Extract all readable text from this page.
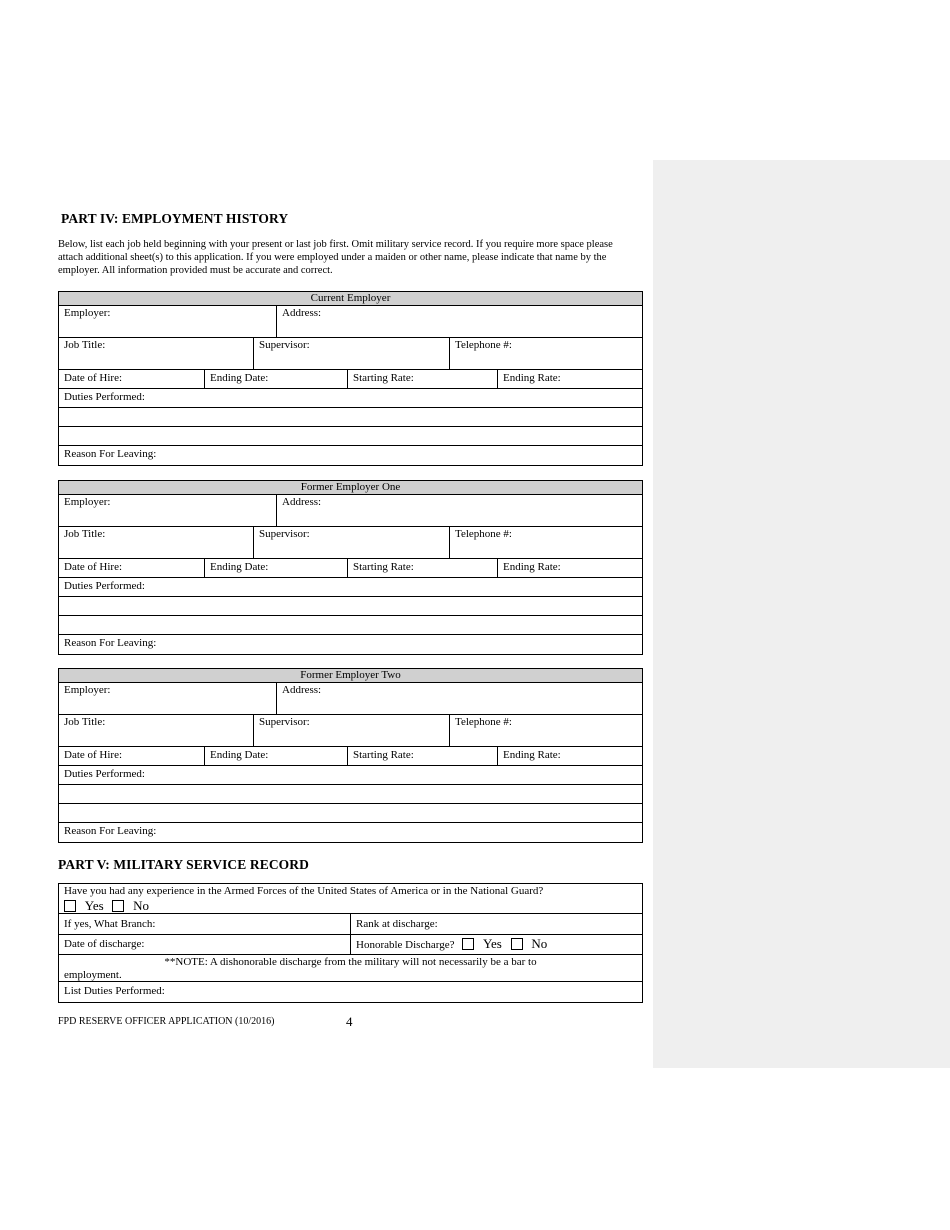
PART IV: EMPLOYMENT HISTORY
Below, list each job held beginning with your present or last job first. Omit military service record. If you require more space please attach additional sheet(s) to this application. If you were employed under a maiden or other name, please indicate that name by the employer. All information provided must be accurate and correct.
Current Employer
Employer:	Address:
Job Title:	Supervisor:	Telephone #:
Date of Hire:	Ending Date:	Starting Rate:	Ending Rate:
Duties Performed:
Reason For Leaving:
Former Employer One
Employer:	Address:
Job Title:	Supervisor:	Telephone #:
Date of Hire:	Ending Date:	Starting Rate:	Ending Rate:
Duties Performed:
Reason For Leaving:
Former Employer Two
Employer:	Address:
Job Title:	Supervisor:	Telephone #:
Date of Hire:	Ending Date:	Starting Rate:	Ending Rate:
Duties Performed:
Reason For Leaving:
PART V: MILITARY SERVICE RECORD
Have you had any experience in the Armed Forces of the United States of America or in the National Guard?
Yes No
If yes, What Branch:	Rank at discharge:
Date of discharge:	Honorable Discharge? Yes No
**NOTE: A dishonorable discharge from the military will not necessarily be a bar to
employment.
List Duties Performed:
FPD RESERVE OFFICER APPLICATION (10/2016)	4
